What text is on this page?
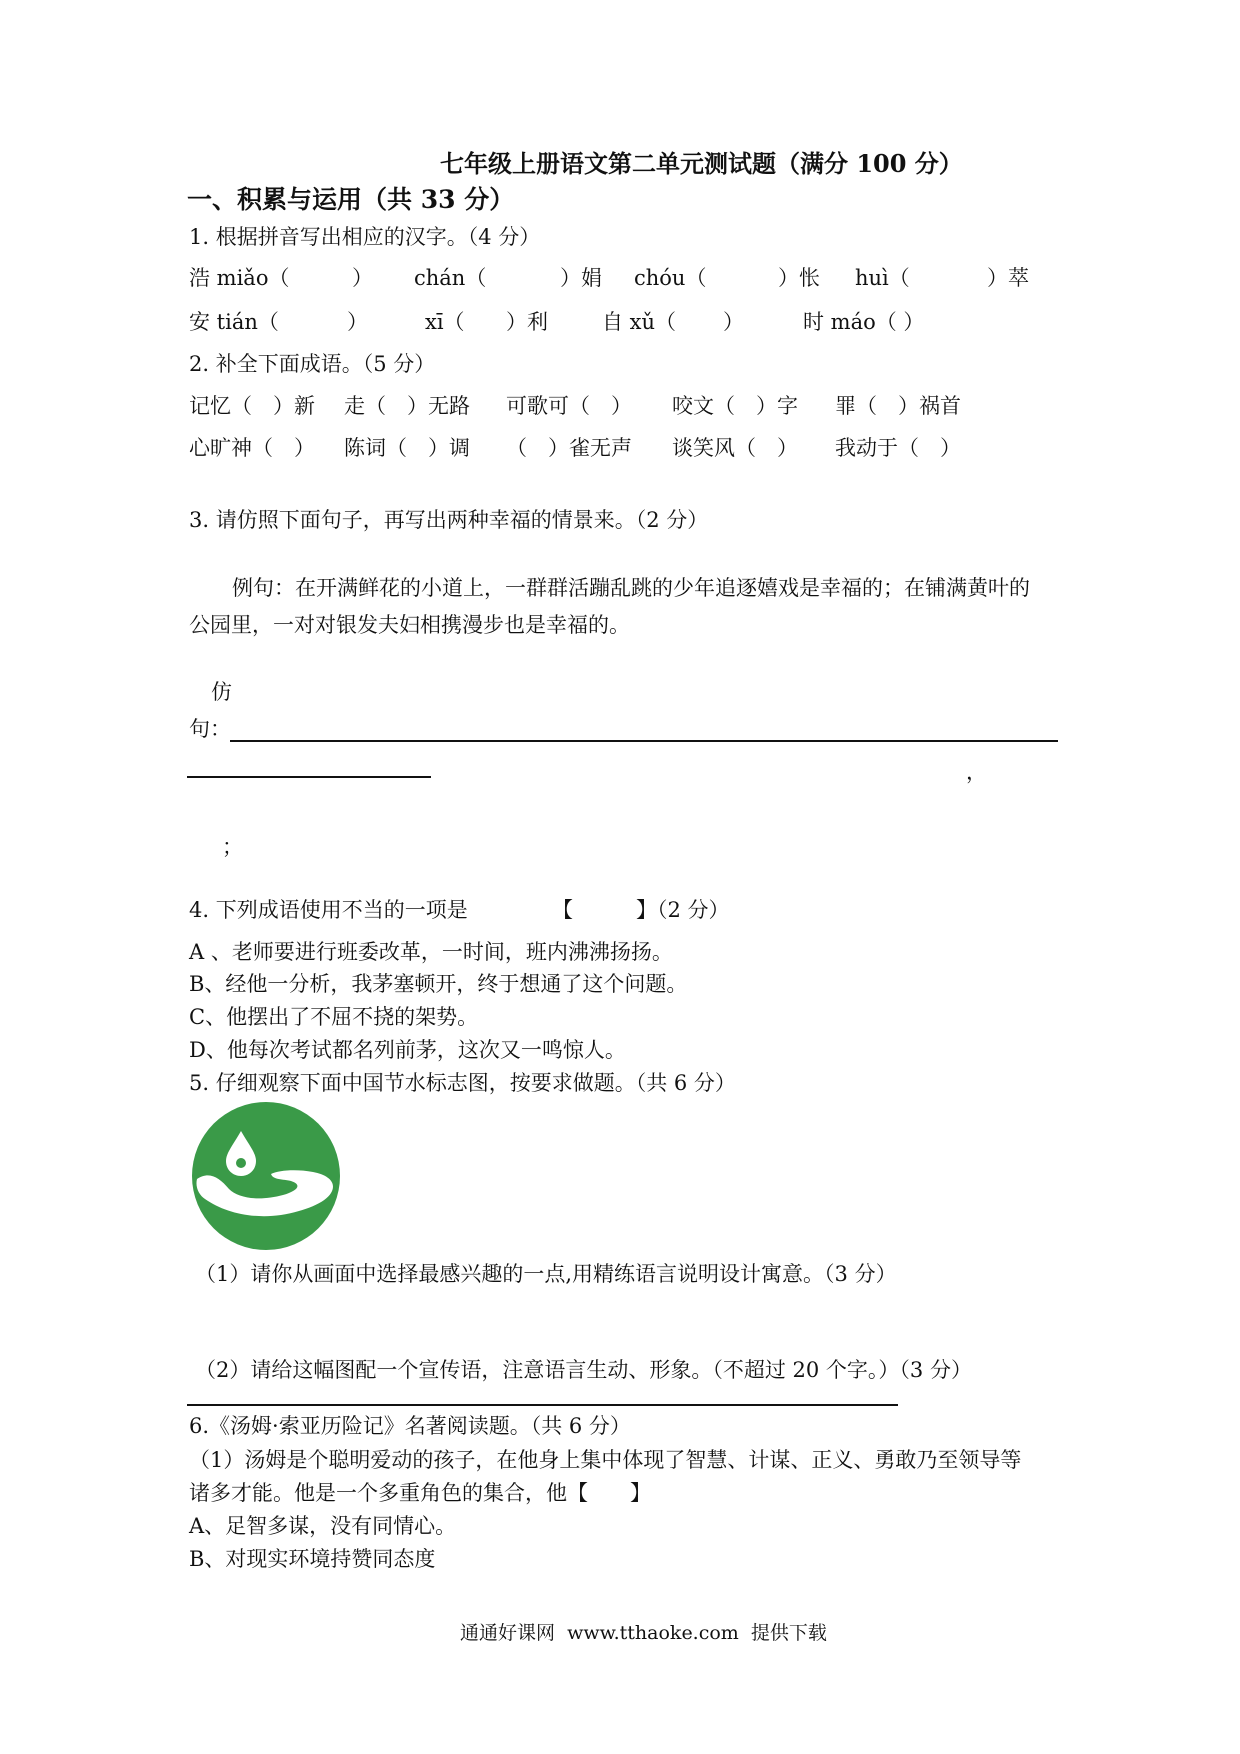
七年级上册语文第二单元测试题（满分 100 分）
一、积累与运用（共 33 分）
1. 根据拼音写出相应的汉字。（4 分）
浩 miǎo（	） chán（	）娟 chóu（	）怅 huì（	）萃
安 tián（	）	xī（ ）利	自 xǔ（ ）	时 máo（ ）
2. 补全下面成语。（5 分）
记忆（　）新 走（　）无路 可歌可（　） 咬文（　）字 罪（　）祸首
心旷神（　） 陈词（　）调 （　）雀无声 谈笑风（　） 我动于（　）
3. 请仿照下面句子，再写出两种幸福的情景来。（2 分）
例句：在开满鲜花的小道上，一群群活蹦乱跳的少年追逐嬉戏是幸福的；在铺满黄叶的
公园里，一对对银发夫妇相携漫步也是幸福的。
仿
句：
，
；
4. 下列成语使用不当的一项是	【　　　】（2 分）
A 、老师要进行班委改革，一时间，班内沸沸扬扬。
B、经他一分析，我茅塞顿开，终于想通了这个问题。
C、他摆出了不屈不挠的架势。
D、他每次考试都名列前茅，这次又一鸣惊人。
5. 仔细观察下面中国节水标志图，按要求做题。（共 6 分）
（1）请你从画面中选择最感兴趣的一点,用精练语言说明设计寓意。（3 分）
（2）请给这幅图配一个宣传语，注意语言生动、形象。（不超过 20 个字。）（3 分）
6.《汤姆·索亚历险记》名著阅读题。（共 6 分）
（1）汤姆是个聪明爱动的孩子，在他身上集中体现了智慧、计谋、正义、勇敢乃至领导等
诸多才能。他是一个多重角色的集合，他【　　】
A、足智多谋，没有同情心。
B、对现实环境持赞同态度
通通好课网  www.tthaoke.com  提供下载
